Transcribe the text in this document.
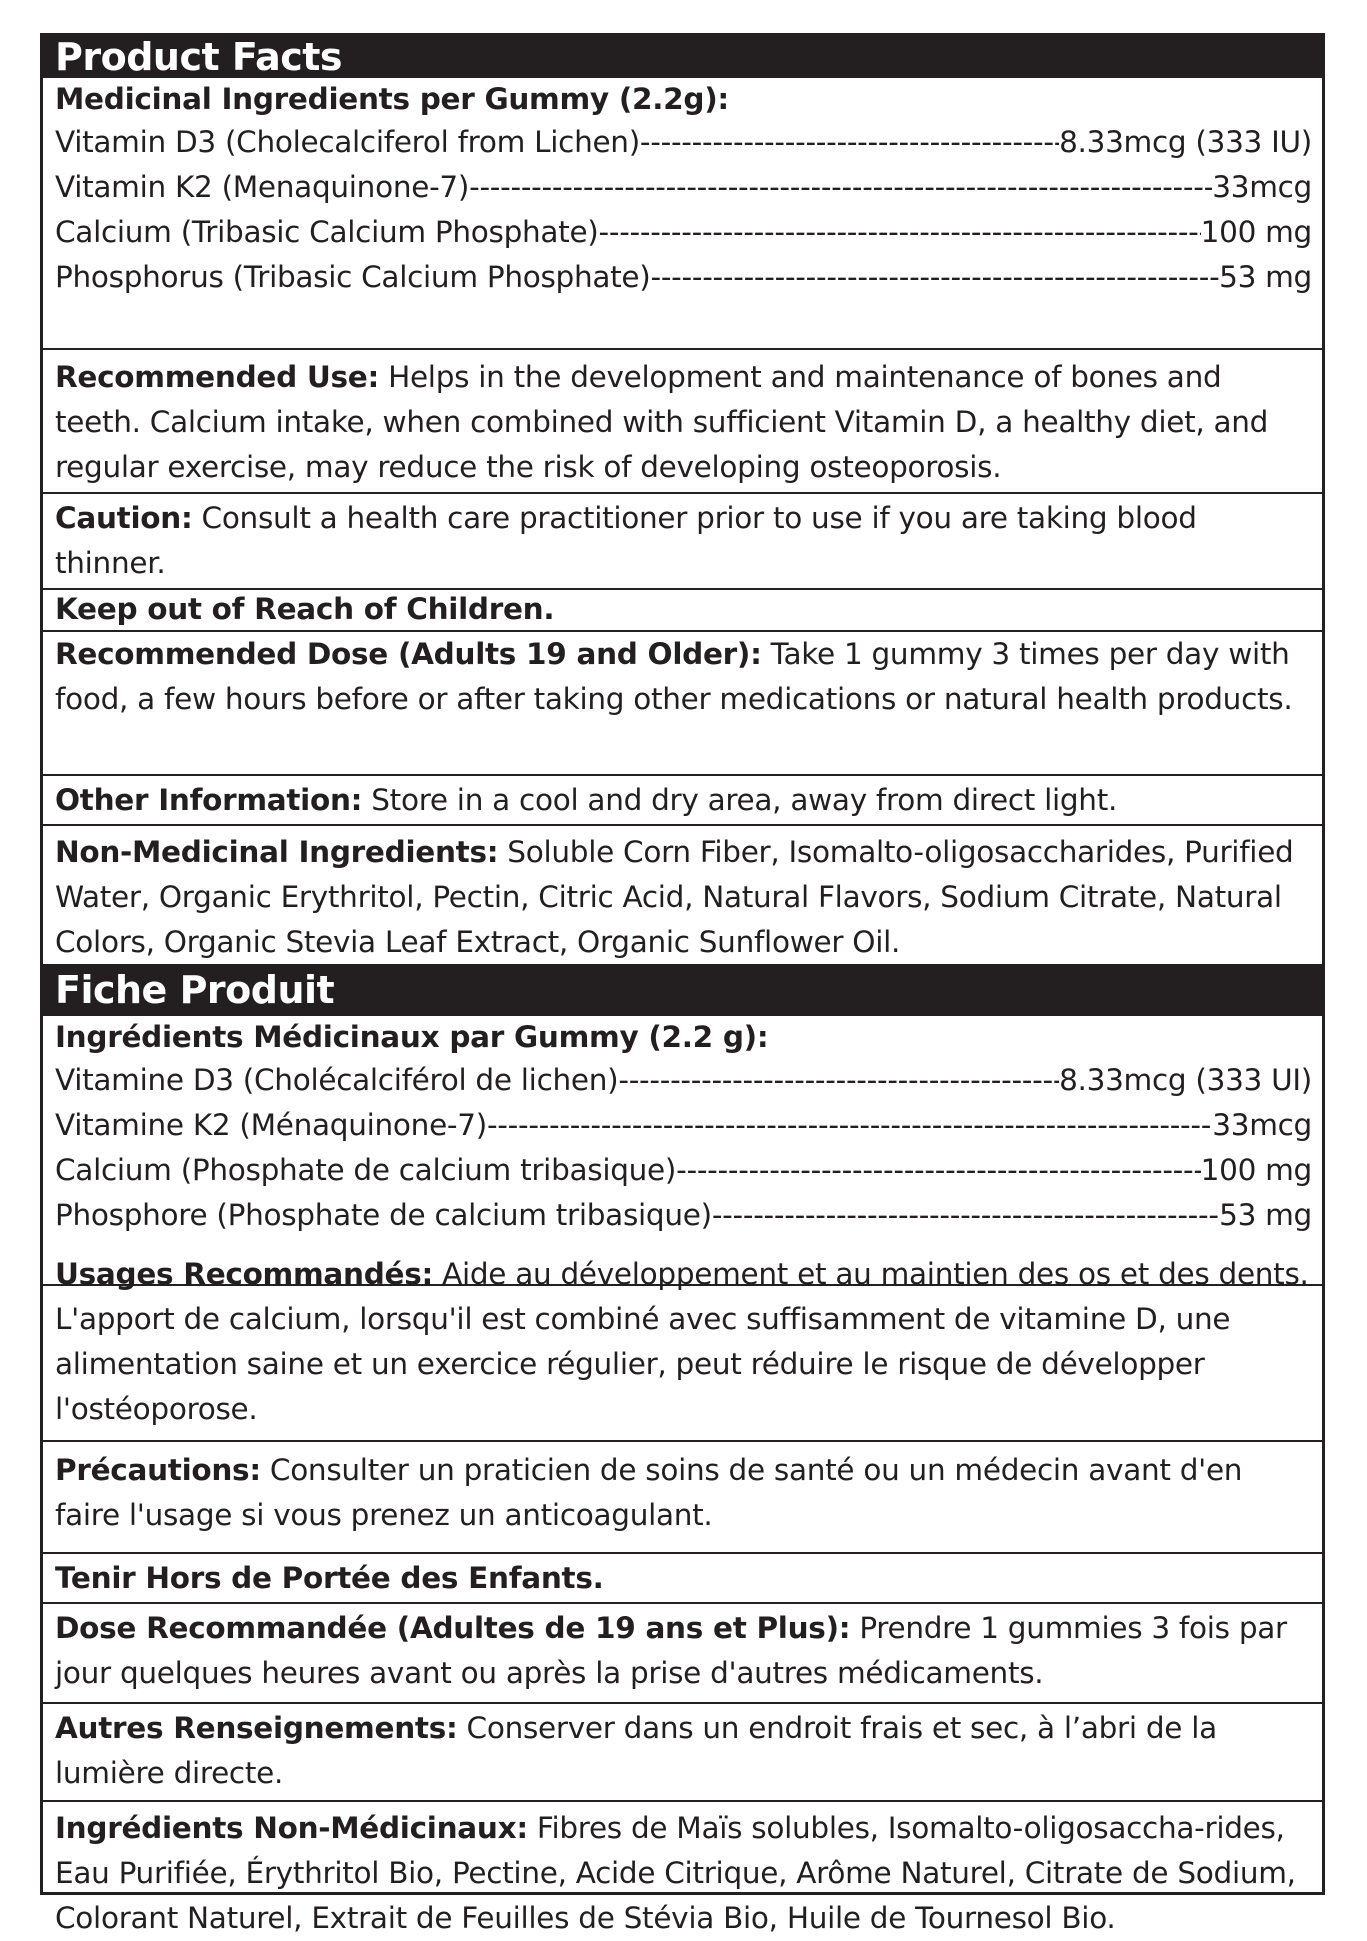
Product Facts
Medicinal Ingredients per Gummy (2.2g):
Vitamin D3 (Cholecalciferol from Lichen) -----	8.33mcg (333 IU)
Vitamin K2 (Menaquinone-7) -----	33mcg
Calcium (Tribasic Calcium Phosphate) -----	100 mg
Phosphorus (Tribasic Calcium Phosphate) -----	53 mg

Recommended Use: Helps in the development and maintenance of bones and teeth. Calcium intake, when combined with sufficient Vitamin D, a healthy diet, and regular exercise, may reduce the risk of developing osteoporosis.

Caution: Consult a health care practitioner prior to use if you are taking blood thinner.

Keep out of Reach of Children.

Recommended Dose (Adults 19 and Older): Take 1 gummy 3 times per day with food, a few hours before or after taking other medications or natural health products.

Other Information: Store in a cool and dry area, away from direct light.

Non-Medicinal Ingredients: Soluble Corn Fiber, Isomalto-oligosaccharides, Purified Water, Organic Erythritol, Pectin, Citric Acid, Natural Flavors, Sodium Citrate, Natural Colors, Organic Stevia Leaf Extract, Organic Sunflower Oil.

Fiche Produit
Ingrédients Médicinaux par Gummy (2.2 g):
Vitamine D3 (Cholécalciférol de lichen) -----	8.33mcg (333 UI)
Vitamine K2 (Ménaquinone-7) -----	33mcg
Calcium (Phosphate de calcium tribasique) -----	100 mg
Phosphore (Phosphate de calcium tribasique) -----	53 mg

Usages Recommandés: Aide au développement et au maintien des os et des dents. L'apport de calcium, lorsqu'il est combiné avec suffisamment de vitamine D, une alimentation saine et un exercice régulier, peut réduire le risque de développer l'ostéoporose.

Précautions: Consulter un praticien de soins de santé ou un médecin avant d'en faire l'usage si vous prenez un anticoagulant.

Tenir Hors de Portée des Enfants.

Dose Recommandée (Adultes de 19 ans et Plus): Prendre 1 gummies 3 fois par jour quelques heures avant ou après la prise d'autres médicaments.

Autres Renseignements: Conserver dans un endroit frais et sec, à l’abri de la lumière directe.

Ingrédients Non-Médicinaux: Fibres de Maïs solubles, Isomalto-oligosaccha-rides, Eau Purifiée, Érythritol Bio, Pectine, Acide Citrique, Arôme Naturel, Citrate de Sodium, Colorant Naturel, Extrait de Feuilles de Stévia Bio, Huile de Tournesol Bio.
